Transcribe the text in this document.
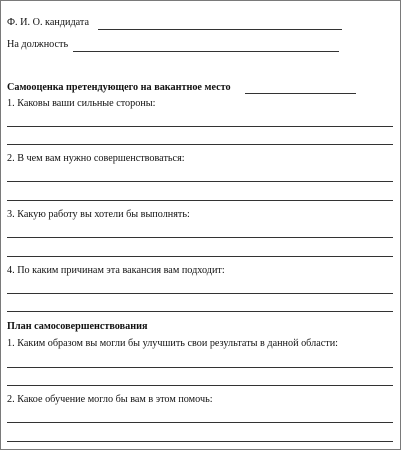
Ф. И. О. кандидата
На должность
Самооценка претендующего на вакантное место
1. Каковы ваши сильные стороны:
2. В чем вам нужно совершенствоваться:
3. Какую работу вы хотели бы выполнять:
4. По каким причинам эта вакансия вам подходит:
План самосовершенствования
1. Каким образом вы могли бы улучшить свои результаты в данной области:
2. Какое обучение могло бы вам в этом помочь:
